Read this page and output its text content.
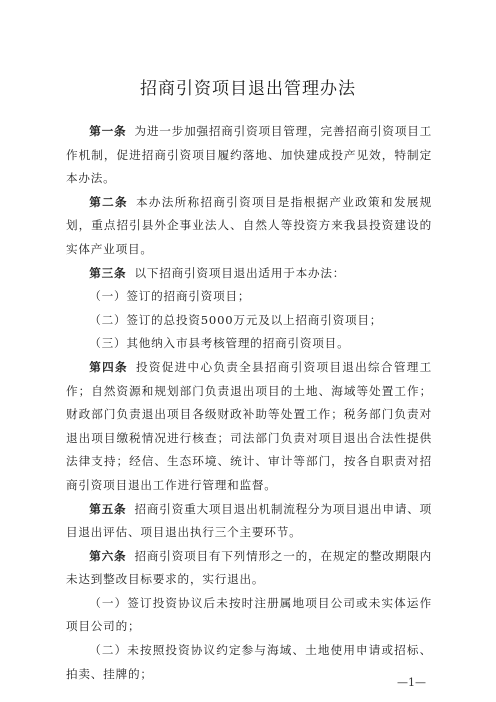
招商引资项目退出管理办法

第一条 为进一步加强招商引资项目管理，完善招商引资项目工作机制，促进招商引资项目履约落地、加快建成投产见效，特制定本办法。

第二条 本办法所称招商引资项目是指根据产业政策和发展规划，重点招引县外企事业法人、自然人等投资方来我县投资建设的实体产业项目。

第三条 以下招商引资项目退出适用于本办法：

（一）签订的招商引资项目；

（二）签订的总投资5000万元及以上招商引资项目；

（三）其他纳入市县考核管理的招商引资项目。

第四条 投资促进中心负责全县招商引资项目退出综合管理工作；自然资源和规划部门负责退出项目的土地、海域等处置工作；财政部门负责退出项目各级财政补助等处置工作；税务部门负责对退出项目缴税情况进行核查；司法部门负责对项目退出合法性提供法律支持；经信、生态环境、统计、审计等部门，按各自职责对招商引资项目退出工作进行管理和监督。

第五条 招商引资重大项目退出机制流程分为项目退出申请、项目退出评估、项目退出执行三个主要环节。

第六条 招商引资项目有下列情形之一的，在规定的整改期限内未达到整改目标要求的，实行退出。

（一）签订投资协议后未按时注册属地项目公司或未实体运作项目公司的；

（二）未按照投资协议约定参与海域、土地使用申请或招标、拍卖、挂牌的；

—1—
